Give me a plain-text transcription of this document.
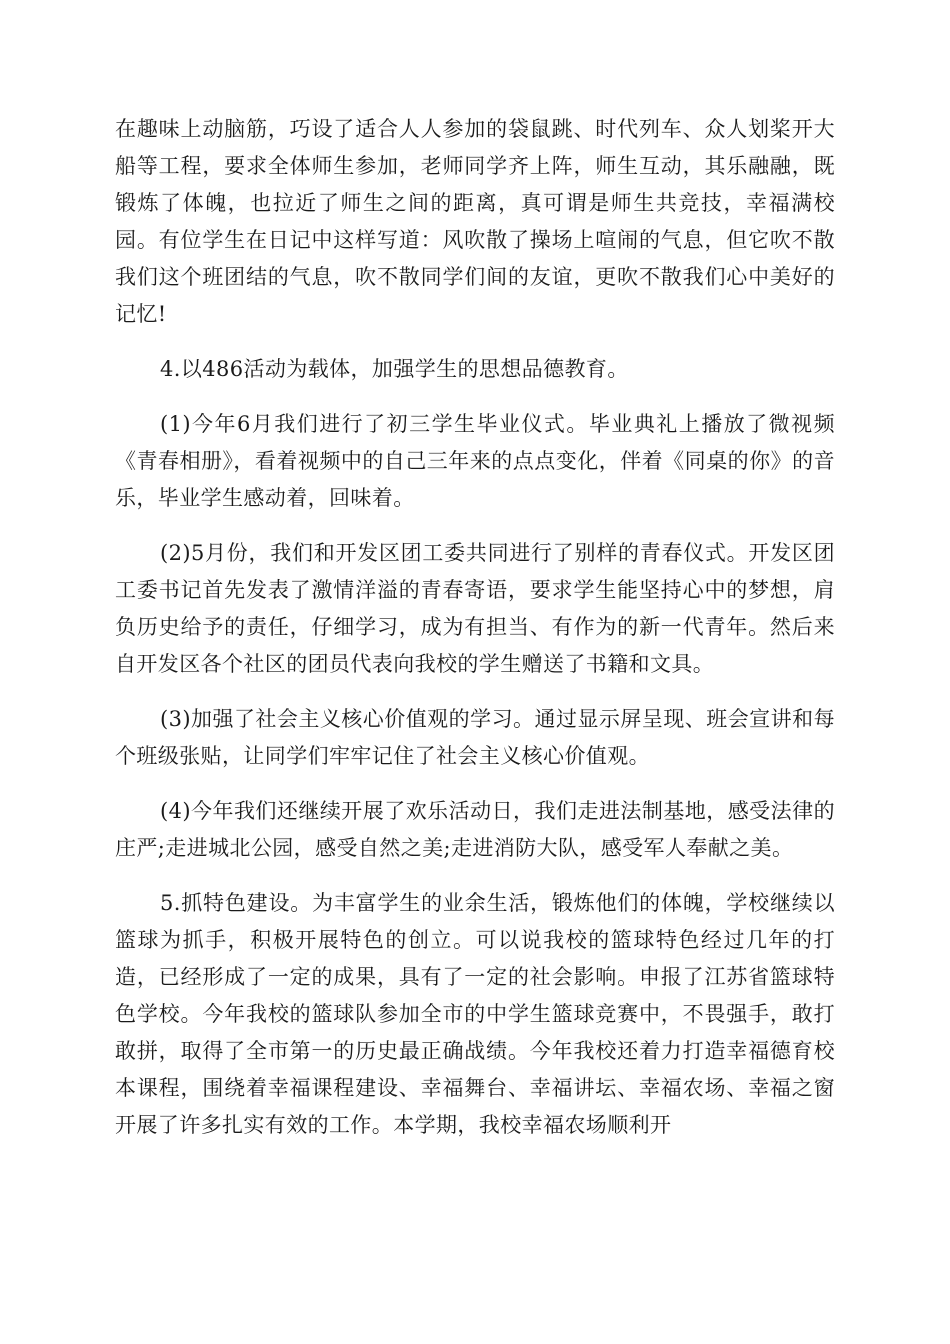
在趣味上动脑筋，巧设了适合人人参加的袋鼠跳、时代列车、众人划桨开大船等工程，要求全体师生参加，老师同学齐上阵，师生互动，其乐融融，既锻炼了体魄，也拉近了师生之间的距离，真可谓是师生共竞技，幸福满校园。有位学生在日记中这样写道：风吹散了操场上喧闹的气息，但它吹不散我们这个班团结的气息，吹不散同学们间的友谊，更吹不散我们心中美好的记忆!

4.以486活动为载体，加强学生的思想品德教育。

(1)今年6月我们进行了初三学生毕业仪式。毕业典礼上播放了微视频《青春相册》，看着视频中的自己三年来的点点变化，伴着《同桌的你》的音乐，毕业学生感动着，回味着。

(2)5月份，我们和开发区团工委共同进行了别样的青春仪式。开发区团工委书记首先发表了激情洋溢的青春寄语，要求学生能坚持心中的梦想，肩负历史给予的责任，仔细学习，成为有担当、有作为的新一代青年。然后来自开发区各个社区的团员代表向我校的学生赠送了书籍和文具。

(3)加强了社会主义核心价值观的学习。通过显示屏呈现、班会宣讲和每个班级张贴，让同学们牢牢记住了社会主义核心价值观。

(4)今年我们还继续开展了欢乐活动日，我们走进法制基地，感受法律的庄严;走进城北公园，感受自然之美;走进消防大队，感受军人奉献之美。

5.抓特色建设。为丰富学生的业余生活，锻炼他们的体魄，学校继续以篮球为抓手，积极开展特色的创立。可以说我校的篮球特色经过几年的打造，已经形成了一定的成果，具有了一定的社会影响。申报了江苏省篮球特色学校。今年我校的篮球队参加全市的中学生篮球竞赛中，不畏强手，敢打敢拼，取得了全市第一的历史最正确战绩。今年我校还着力打造幸福德育校本课程，围绕着幸福课程建设、幸福舞台、幸福讲坛、幸福农场、幸福之窗开展了许多扎实有效的工作。本学期，我校幸福农场顺利开
